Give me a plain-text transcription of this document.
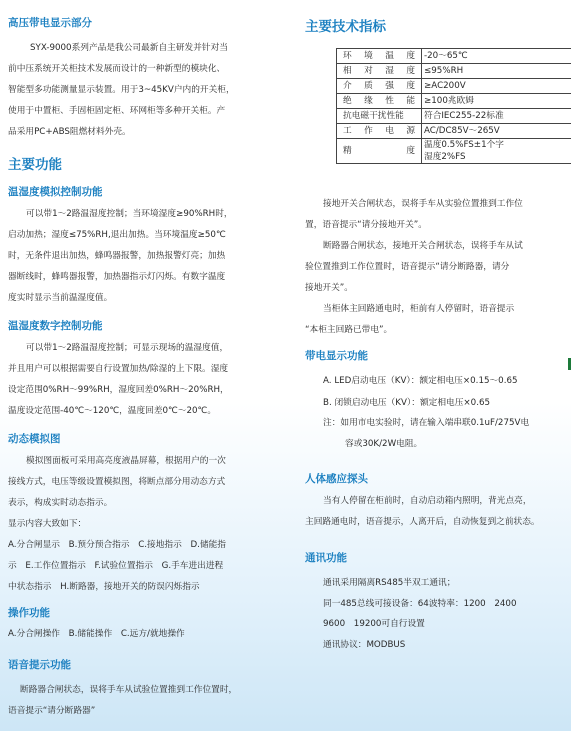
高压带电显示部分

SYX-9000系列产品是我公司最新自主研发并针对当

前中压系统开关柜技术发展而设计的一种新型的模块化、

智能型多功能测量显示装置。用于3~45KV户内的开关柜，

使用于中置柜、手固柜固定柜、环网柜等多种开关柜。产

品采用PC+ABS阻燃材料外壳。

主要功能
温湿度模拟控制功能

可以带1～2路温湿度控制；当环境湿度≥90%RH时，

启动加热；湿度≤75%RH,退出加热。当环境温度≥50℃

时，无条件退出加热，蜂鸣器报警，加热报警灯亮；加热

器断线时，蜂鸣器报警，加热器指示灯闪烁。有数字温度

度实时显示当前温湿度值。

温湿度数字控制功能

可以带1～2路温湿度控制；可显示现场的温湿度值，

并且用户可以根据需要自行设置加热/除湿的上下限。湿度

设定范围0%RH～99%RH，湿度回差0%RH～20%RH，

温度设定范围-40℃～120℃，温度回差0℃～20℃。

动态模拟图

模拟图面板可采用高亮度液晶屏幕，根据用户的一次

接线方式，电压等级设置模拟图，将断点部分用动态方式

表示，构成实时动态指示。

显示内容大致如下：

A.分合闸显示　B.预分预合指示　C.接地指示　D.储能指

示　E.工作位置指示　F.试验位置指示　G.手车进出进程

中状态指示　H.断路器，接地开关的防误闪烁指示

操作功能

A.分合闸操作　B.储能操作　C.远方/就地操作

语音提示功能

断路器合闸状态，误将手车从试验位置推到工作位置时，

语音提示“请分断路器”

主要技术指标
环境温度	-20～65℃
相对湿度	≤95%RH
介质强度	≥AC200V
绝缘性能	≥100兆欧姆
抗电磁干扰性能	符合IEC255-22标准
工作电源	AC/DC85V～265V
精　　度	温度0.5%FS±1个字
湿度2%FS

接地开关合闸状态，误将手车从实验位置推到工作位

置，语音提示“请分接地开关”。

断路器合闸状态，接地开关合闸状态，误将手车从试

验位置推到工作位置时，语音提示“请分断路器，请分

接地开关”。

当柜体主回路通电时，柜前有人停留时，语音提示

“本柜主回路已带电”。

带电显示功能

A. LED启动电压（KV）：额定相电压×0.15～0.65

B. 闭锁启动电压（KV）：额定相电压×0.65

注：如用市电实验时，请在输入端串联0.1uF/275V电

容或30K/2W电阻。

人体感应探头

当有人停留在柜前时，自动启动箱内照明，背光点亮，

主回路通电时，语音提示，人离开后，自动恢复到之前状态。

通讯功能

通讯采用隔离RS485半双工通讯；

同一485总线可接设备：64波特率：1200　2400

9600　19200可自行设置

通讯协议：MODBUS
